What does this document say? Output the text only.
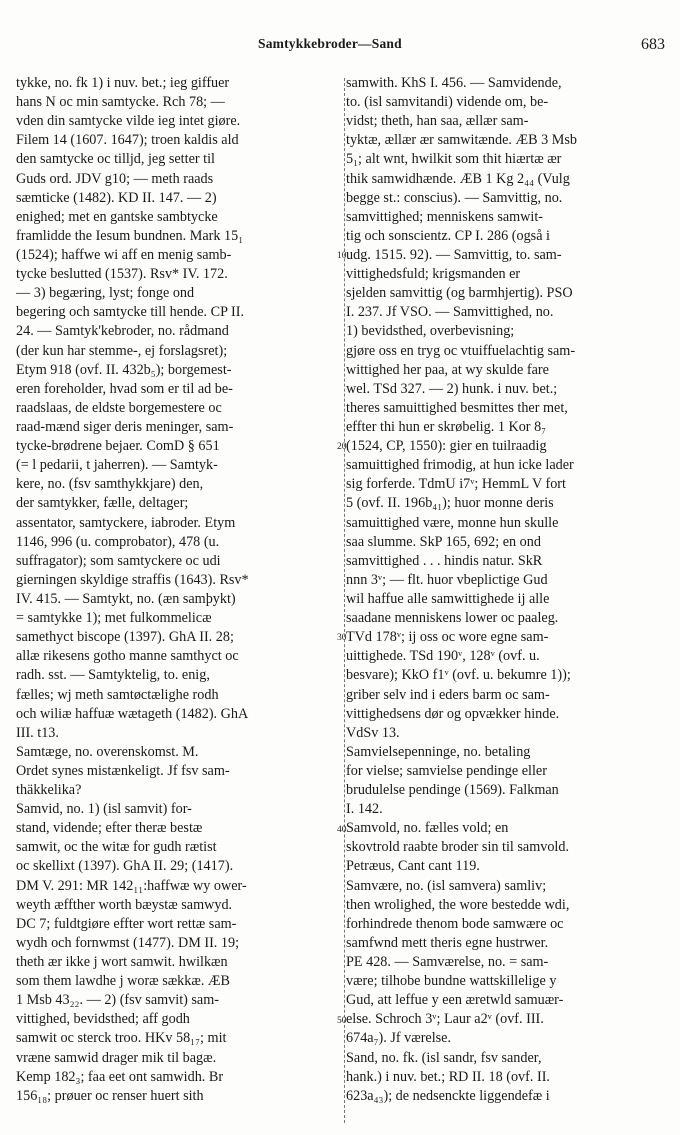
Samtykkebroder—Sand	683
tykke, no. fk 1) i nuv. bet.; ieg giffuer
hans N oc min samtycke. Rch 78; —
vden din samtycke vilde ieg intet giøre.
Filem 14 (1607. 1647); troen kaldis ald
den samtycke oc tilljd, jeg setter til
Guds ord. JDV g10; — meth raads
sæmticke (1482). KD II. 147. — 2)
enighed; met en gantske sambtycke
framlidde the Iesum bundnen. Mark 15₁
(1524); haffwe wi aff en menig samb-
tycke beslutted (1537). Rsv* IV. 172.
— 3) begæring, lyst; fonge ond
begering och samtycke till hende. CP II.
24. — Samtyk'kebroder, no. rådmand
(der kun har stemme-, ej forslagsret);
Etym 918 (ovf. II. 432b₅); borgemest-
eren foreholder, hvad som er til ad be-
raadslaas, de eldste borgemestere oc
raad-mænd siger deris meninger, sam-
tycke-brødrene bejaer. ComD § 651
(= l pedarii, t jaherren). — Samtyk-
kere, no. (fsv samthykkjare) den,
der samtykker, fælle, deltager;
assentator, samtyckere, iabroder. Etym
1146, 996 (u. comprobator), 478 (u.
suffragator); som samtyckere oc udi
gierningen skyldige straffis (1643). Rsv*
IV. 415. — Samtykt, no. (æn samþykt)
= samtykke 1); met fulkommelicæ
samethyct biscope (1397). GhA II. 28;
allæ rikesens gotho manne samthyct oc
radh. sst. — Samtyktelig, to. enig,
fælles; wj meth samtøctælighe rodh
och wiliæ haffuæ wætageth (1482). GhA
III. t13.
Samtæge, no. overenskomst. M.
Ordet synes mistænkeligt. Jf fsv sam-
thäkkelika?
Samvid, no. 1) (isl samvit) for-
stand, vidende; efter theræ bestæ
samwit, oc the witæ for gudh rætist
oc skellixt (1397). GhA II. 29; (1417).
DM V. 291: MR 142₁₁:haffwæ wy ower-
weyth æffther worth bæystæ samwyd.
DC 7; fuldtgiøre effter wort rettæ sam-
wydh och fornwmst (1477). DM II. 19;
theth ær ikke j wort samwit. hwilkæn
som them lawdhe j woræ sækkæ. ÆB
1 Msb 43₂₂. — 2) (fsv samvit) sam-
vittighed, bevidsthed; aff godh
samwit oc sterck troo. HKv 58₁₇; mit
vræne samwid drager mik til bagæ.
Kemp 182₃; faa eet ont samwidh. Br
156₁₈; prøuer oc renser huert sith
10
20
30
40
50
samwith. KhS I. 456. — Samvidende,
to. (isl samvitandi) vidende om, be-
vidst; theth, han saa, ællær sam-
tyktæ, ællær ær samwitænde. ÆB 3 Msb
5₁; alt wnt, hwilkit som thit hiærtæ ær
thik samwidhænde. ÆB 1 Kg 2₄₄ (Vulg
begge st.: conscius). — Samvittig, no.
samvittighed; menniskens samwit-
tig och sonscientz. CP I. 286 (også i
udg. 1515. 92). — Samvittig, to. sam-
vittighedsfuld; krigsmanden er
sjelden samvittig (og barmhjertig). PSO
I. 237. Jf VSO. — Samvittighed, no.
1) bevidsthed, overbevisning;
gjøre oss en tryg oc vtuiffuelachtig sam-
wittighed her paa, at wy skulde fare
wel. TSd 327. — 2) hunk. i nuv. bet.;
theres samuittighed besmittes ther met,
effter thi hun er skrøbelig. 1 Kor 8₇
(1524, CP, 1550): gier en tuilraadig
samuittighed frimodig, at hun icke lader
sig forferde. TdmU i7ᵛ; HemmL V fort
5 (ovf. II. 196b₄₁); huor monne deris
samuittighed være, monne hun skulle
saa slumme. SkP 165, 692; en ond
samvittighed . . . hindis natur. SkR
nnn 3ᵛ; — flt. huor vbeplictige Gud
wil haffue alle samwittighede ij alle
saadane menniskens lower oc paaleg.
TVd 178ᵛ; ij oss oc wore egne sam-
uittighede. TSd 190ᵛ, 128ᵛ (ovf. u.
besvare); KkO f1ᵛ (ovf. u. bekumre 1));
griber selv ind i eders barm oc sam-
vittighedsens dør og opvækker hinde.
VdSv 13.
Samvielsepenninge, no. betaling
for vielse; samvielse pendinge eller
brudulelse pendinge (1569). Falkman
I. 142.
Samvold, no. fælles vold; en
skovtrold raabte broder sin til samvold.
Petræus, Cant cant 119.
Samvære, no. (isl samvera) samliv;
then wrolighed, the wore bestedde wdi,
forhindrede thenom bode samwære oc
samfwnd mett theris egne hustrwer.
PE 428. — Samværelse, no. = sam-
være; tilhobe bundne wattskillelige y
Gud, att leffue y een æretwld samuær-
else. Schroch 3ᵛ; Laur a2ᵛ (ovf. III.
674a₇). Jf værelse.
Sand, no. fk. (isl sandr, fsv sander,
hank.) i nuv. bet.; RD II. 18 (ovf. II.
623a₄₃); de nedsenckte liggendefæ i
